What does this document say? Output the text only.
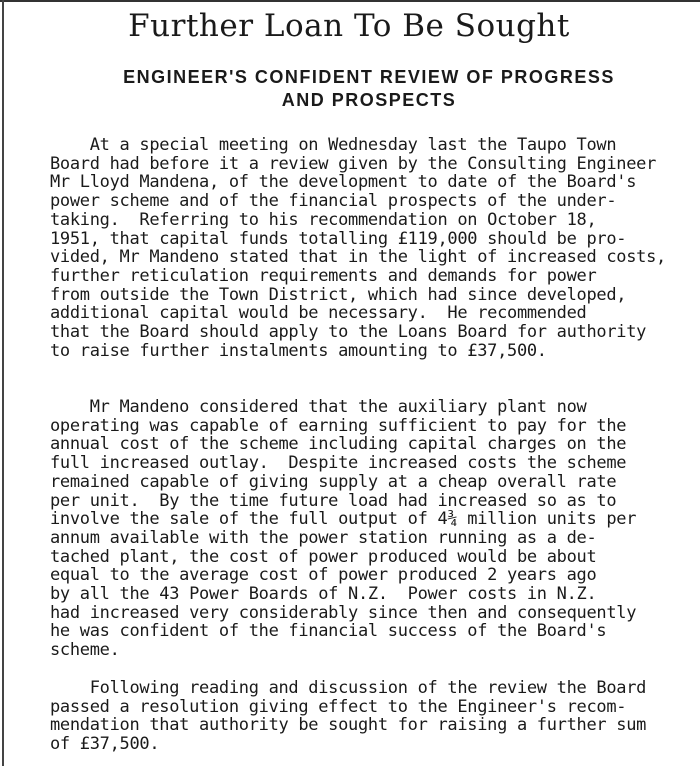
Further Loan To Be Sought
ENGINEER'S CONFIDENT REVIEW OF PROGRESS
AND PROSPECTS

At a special meeting on Wednesday last the Taupo Town
Board had before it a review given by the Consulting Engineer
Mr Lloyd Mandena, of the development to date of the Board's
power scheme and of the financial prospects of the under-
taking.  Referring to his recommendation on October 18,
1951, that capital funds totalling £119,000 should be pro-
vided, Mr Mandeno stated that in the light of increased costs,
further reticulation requirements and demands for power
from outside the Town District, which had since developed,
additional capital would be necessary.  He recommended
that the Board should apply to the Loans Board for authority
to raise further instalments amounting to £37,500.

Mr Mandeno considered that the auxiliary plant now
operating was capable of earning sufficient to pay for the
annual cost of the scheme including capital charges on the
full increased outlay.  Despite increased costs the scheme
remained capable of giving supply at a cheap overall rate
per unit.  By the time future load had increased so as to
involve the sale of the full output of 4¾ million units per
annum available with the power station running as a de-
tached plant, the cost of power produced would be about
equal to the average cost of power produced 2 years ago
by all the 43 Power Boards of N.Z.  Power costs in N.Z.
had increased very considerably since then and consequently
he was confident of the financial success of the Board's
scheme.

Following reading and discussion of the review the Board
passed a resolution giving effect to the Engineer's recom-
mendation that authority be sought for raising a further sum
of £37,500.
